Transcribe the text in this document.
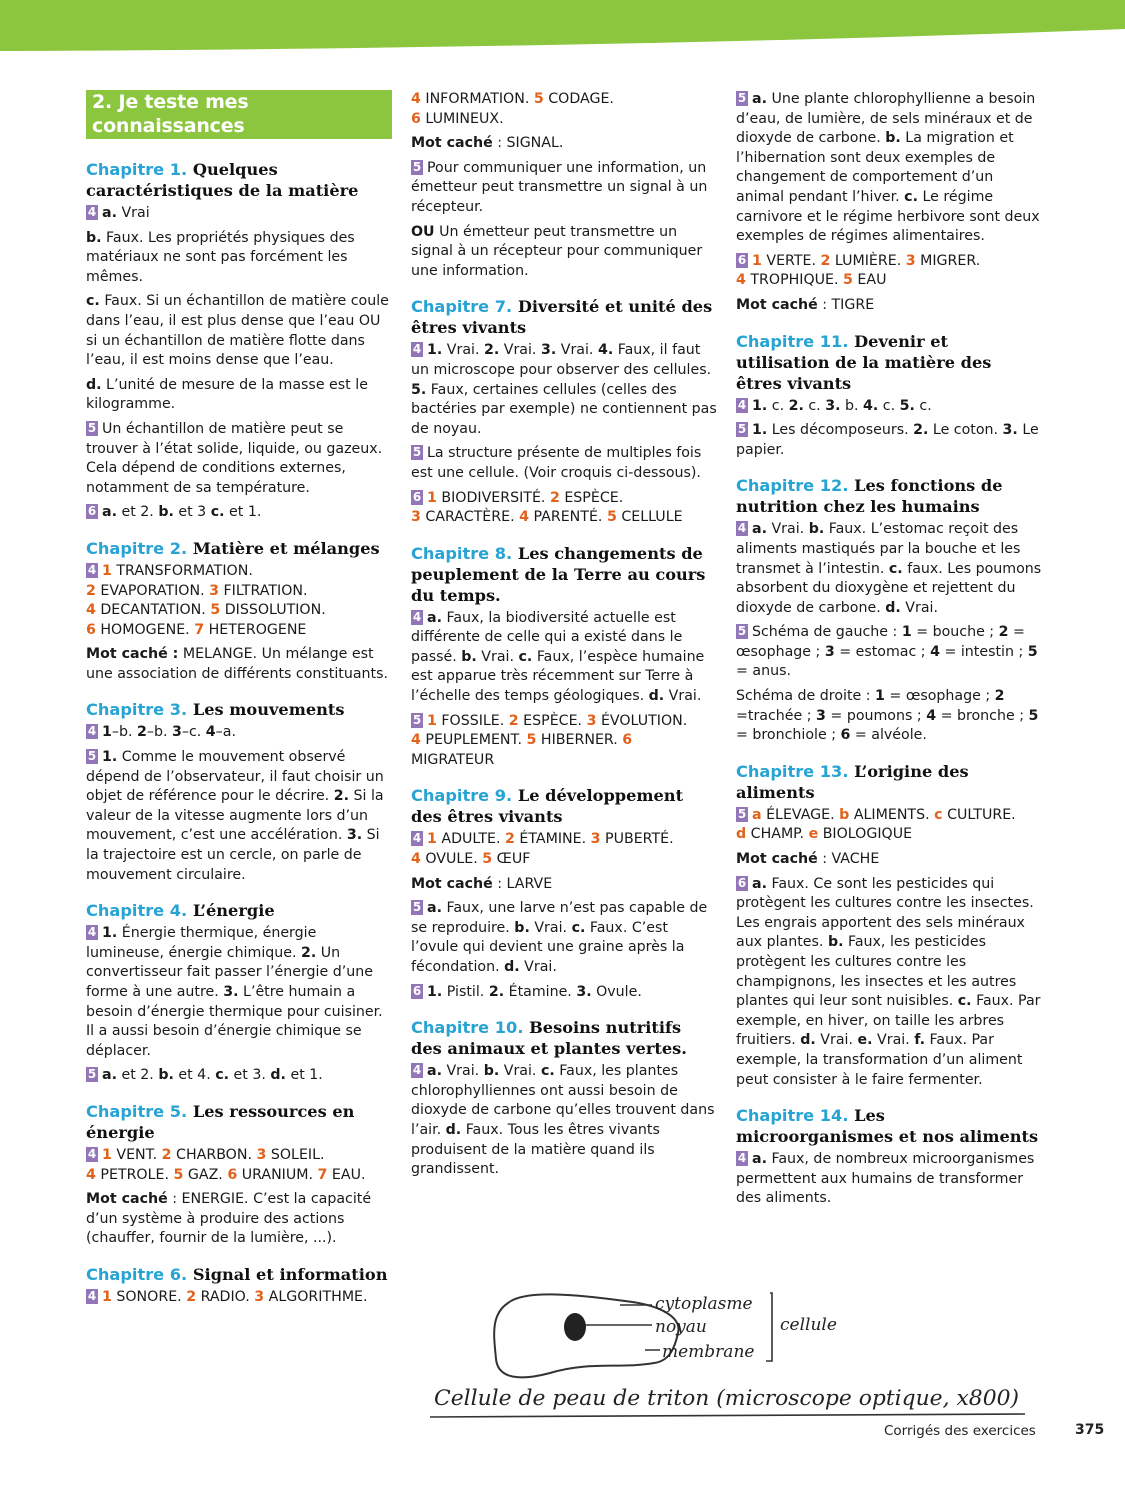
2. Je teste mes connaissances
Chapitre 1. Quelques caractéristiques de la matière
4 a. Vrai
b. Faux. Les propriétés physiques des matériaux ne sont pas forcément les mêmes.
c. Faux. Si un échantillon de matière coule dans l’eau, il est plus dense que l’eau OU si un échantillon de matière flotte dans l’eau, il est moins dense que l’eau.
d. L’unité de mesure de la masse est le kilogramme.
5 Un échantillon de matière peut se trouver à l’état solide, liquide, ou gazeux. Cela dépend de conditions externes, notamment de sa température.
6 a. et 2. b. et 3 c. et 1.
Chapitre 2. Matière et mélanges
4 1 TRANSFORMATION.
2 EVAPORATION. 3 FILTRATION.
4 DECANTATION. 5 DISSOLUTION.
6 HOMOGENE. 7 HETEROGENE
Mot caché : MELANGE. Un mélange est une association de différents constituants.
Chapitre 3. Les mouvements
4 1–b. 2–b. 3–c. 4–a.
5 1. Comme le mouvement observé dépend de l’observateur, il faut choisir un objet de référence pour le décrire. 2. Si la valeur de la vitesse augmente lors d’un mouvement, c’est une accélération. 3. Si la trajectoire est un cercle, on parle de mouvement circulaire.
Chapitre 4. L’énergie
4 1. Énergie thermique, énergie lumineuse, énergie chimique. 2. Un convertisseur fait passer l’énergie d’une forme à une autre. 3. L’être humain a besoin d’énergie thermique pour cuisiner. Il a aussi besoin d’énergie chimique se déplacer.
5 a. et 2. b. et 4. c. et 3. d. et 1.
Chapitre 5. Les ressources en énergie
4 1 VENT. 2 CHARBON. 3 SOLEIL.
4 PETROLE. 5 GAZ. 6 URANIUM. 7 EAU.
Mot caché : ENERGIE. C’est la capacité d’un système à produire des actions (chauffer, fournir de la lumière, ...).
Chapitre 6. Signal et information
4 1 SONORE. 2 RADIO. 3 ALGORITHME.
4 INFORMATION. 5 CODAGE.
6 LUMINEUX.
Mot caché : SIGNAL.
5 Pour communiquer une information, un émetteur peut transmettre un signal à un récepteur.
OU Un émetteur peut transmettre un signal à un récepteur pour communiquer une information.
Chapitre 7. Diversité et unité des êtres vivants
4 1. Vrai. 2. Vrai. 3. Vrai. 4. Faux, il faut un microscope pour observer des cellules. 5. Faux, certaines cellules (celles des bactéries par exemple) ne contiennent pas de noyau.
5 La structure présente de multiples fois est une cellule. (Voir croquis ci-dessous).
6 1 BIODIVERSITÉ. 2 ESPÈCE.
3 CARACTÈRE. 4 PARENTÉ. 5 CELLULE
Chapitre 8. Les changements de peuplement de la Terre au cours du temps.
4 a. Faux, la biodiversité actuelle est différente de celle qui a existé dans le passé. b. Vrai. c. Faux, l’espèce humaine est apparue très récemment sur Terre à l’échelle des temps géologiques. d. Vrai.
5 1 FOSSILE. 2 ESPÈCE. 3 ÉVOLUTION.
4 PEUPLEMENT. 5 HIBERNER. 6 MIGRATEUR
Chapitre 9. Le développement des êtres vivants
4 1 ADULTE. 2 ÉTAMINE. 3 PUBERTÉ.
4 OVULE. 5 ŒUF
Mot caché : LARVE
5 a. Faux, une larve n’est pas capable de se reproduire. b. Vrai. c. Faux. C’est l’ovule qui devient une graine après la fécondation. d. Vrai.
6 1. Pistil. 2. Étamine. 3. Ovule.
Chapitre 10. Besoins nutritifs des animaux et plantes vertes.
4 a. Vrai. b. Vrai. c. Faux, les plantes chlorophylliennes ont aussi besoin de dioxyde de carbone qu’elles trouvent dans l’air. d. Faux. Tous les êtres vivants produisent de la matière quand ils grandissent.
5 a. Une plante chlorophyllienne a besoin d’eau, de lumière, de sels minéraux et de dioxyde de carbone. b. La migration et l’hibernation sont deux exemples de changement de comportement d’un animal pendant l’hiver. c. Le régime carnivore et le régime herbivore sont deux exemples de régimes alimentaires.
6 1 VERTE. 2 LUMIÈRE. 3 MIGRER.
4 TROPHIQUE. 5 EAU
Mot caché : TIGRE
Chapitre 11. Devenir et utilisation de la matière des êtres vivants
4 1. c. 2. c. 3. b. 4. c. 5. c.
5 1. Les décomposeurs. 2. Le coton. 3. Le papier.
Chapitre 12. Les fonctions de nutrition chez les humains
4 a. Vrai. b. Faux. L’estomac reçoit des aliments mastiqués par la bouche et les transmet à l’intestin. c. faux. Les poumons absorbent du dioxygène et rejettent du dioxyde de carbone. d. Vrai.
5 Schéma de gauche : 1 = bouche ; 2 = œsophage ; 3 = estomac ; 4 = intestin ; 5 = anus.
Schéma de droite : 1 = œsophage ; 2 =trachée ; 3 = poumons ; 4 = bronche ; 5 = bronchiole ; 6 = alvéole.
Chapitre 13. L’origine des aliments
5 a ÉLEVAGE. b ALIMENTS. c CULTURE.
d CHAMP. e BIOLOGIQUE
Mot caché : VACHE
6 a. Faux. Ce sont les pesticides qui protègent les cultures contre les insectes. Les engrais apportent des sels minéraux aux plantes. b. Faux, les pesticides protègent les cultures contre les champignons, les insectes et les autres plantes qui leur sont nuisibles. c. Faux. Par exemple, en hiver, on taille les arbres fruitiers. d. Vrai. e. Vrai. f. Faux. Par exemple, la transformation d’un aliment peut consister à le faire fermenter.
Chapitre 14. Les microorganismes et nos aliments
4 a. Faux, de nombreux microorganismes permettent aux humains de transformer des aliments.
cytoplasme
noyau
membrane
cellule
Cellule de peau de triton (microscope optique, x800)
Corrigés des exercices	375
